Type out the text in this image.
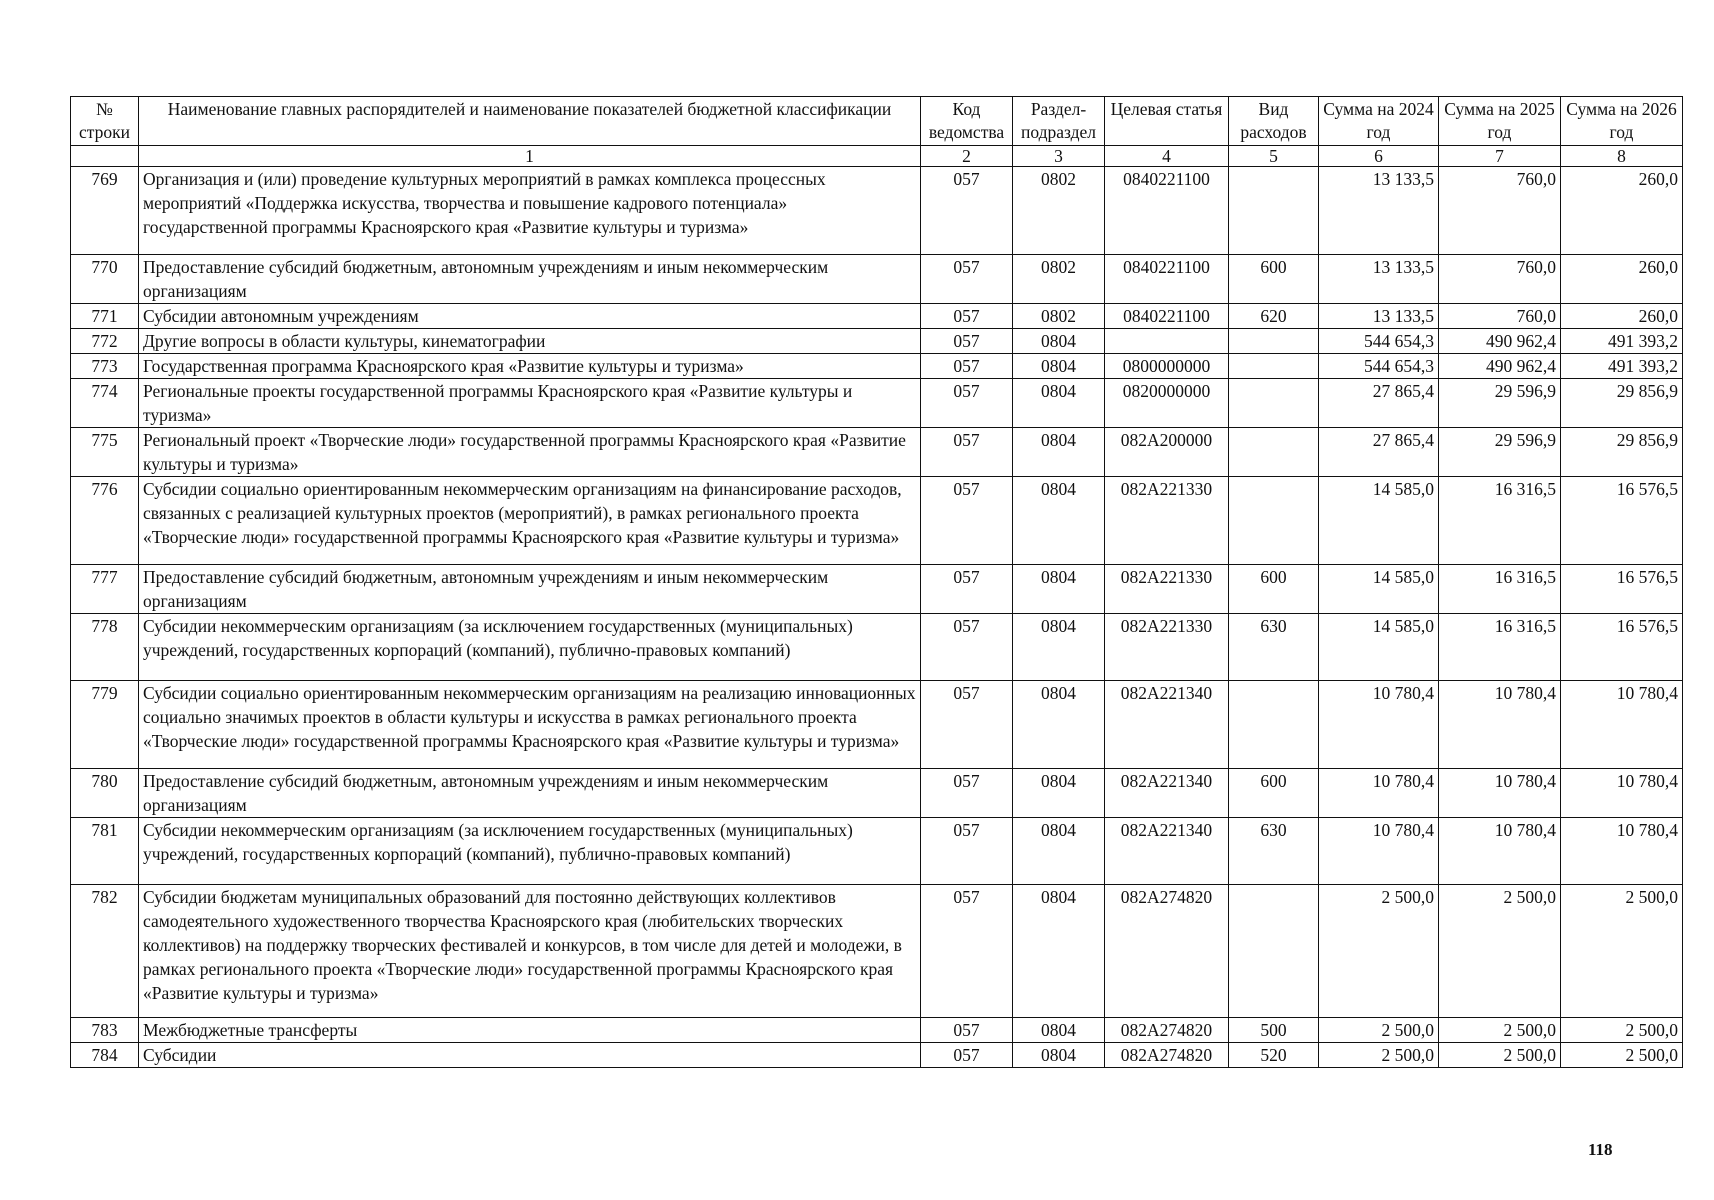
№ строки	Наименование главных распорядителей и наименование показателей бюджетной классификации	Код ведомства	Раздел-подраздел	Целевая статья	Вид расходов	Сумма на 2024 год	Сумма на 2025 год	Сумма на 2026 год
	1	2	3	4	5	6	7	8
769	Организация и (или) проведение культурных мероприятий в рамках комплекса процессных мероприятий «Поддержка искусства, творчества и повышение кадрового потенциала» государственной программы Красноярского края «Развитие культуры и туризма»	057	0802	0840221100		13 133,5	760,0	260,0
770	Предоставление субсидий бюджетным, автономным учреждениям и иным некоммерческим организациям	057	0802	0840221100	600	13 133,5	760,0	260,0
771	Субсидии автономным учреждениям	057	0802	0840221100	620	13 133,5	760,0	260,0
772	Другие вопросы в области культуры, кинематографии	057	0804			544 654,3	490 962,4	491 393,2
773	Государственная программа Красноярского края «Развитие культуры и туризма»	057	0804	0800000000		544 654,3	490 962,4	491 393,2
774	Региональные проекты государственной программы Красноярского края «Развитие культуры и туризма»	057	0804	0820000000		27 865,4	29 596,9	29 856,9
775	Региональный проект «Творческие люди» государственной программы Красноярского края «Развитие культуры и туризма»	057	0804	082А200000		27 865,4	29 596,9	29 856,9
776	Субсидии социально ориентированным некоммерческим организациям на финансирование расходов, связанных с реализацией культурных проектов (мероприятий), в рамках регионального проекта «Творческие люди» государственной программы Красноярского края «Развитие культуры и туризма»	057	0804	082А221330		14 585,0	16 316,5	16 576,5
777	Предоставление субсидий бюджетным, автономным учреждениям и иным некоммерческим организациям	057	0804	082А221330	600	14 585,0	16 316,5	16 576,5
778	Субсидии некоммерческим организациям (за исключением государственных (муниципальных) учреждений, государственных корпораций (компаний), публично-правовых компаний)	057	0804	082А221330	630	14 585,0	16 316,5	16 576,5
779	Субсидии социально ориентированным некоммерческим организациям на реализацию инновационных социально значимых проектов в области культуры и искусства в рамках регионального проекта «Творческие люди» государственной программы Красноярского края «Развитие культуры и туризма»	057	0804	082А221340		10 780,4	10 780,4	10 780,4
780	Предоставление субсидий бюджетным, автономным учреждениям и иным некоммерческим организациям	057	0804	082А221340	600	10 780,4	10 780,4	10 780,4
781	Субсидии некоммерческим организациям (за исключением государственных (муниципальных) учреждений, государственных корпораций (компаний), публично-правовых компаний)	057	0804	082А221340	630	10 780,4	10 780,4	10 780,4
782	Субсидии бюджетам муниципальных образований для постоянно действующих коллективов самодеятельного художественного творчества Красноярского края (любительских творческих коллективов) на поддержку творческих фестивалей и конкурсов, в том числе для детей и молодежи, в рамках регионального проекта «Творческие люди» государственной программы Красноярского края «Развитие культуры и туризма»	057	0804	082А274820		2 500,0	2 500,0	2 500,0
783	Межбюджетные трансферты	057	0804	082А274820	500	2 500,0	2 500,0	2 500,0
784	Субсидии	057	0804	082А274820	520	2 500,0	2 500,0	2 500,0
118
